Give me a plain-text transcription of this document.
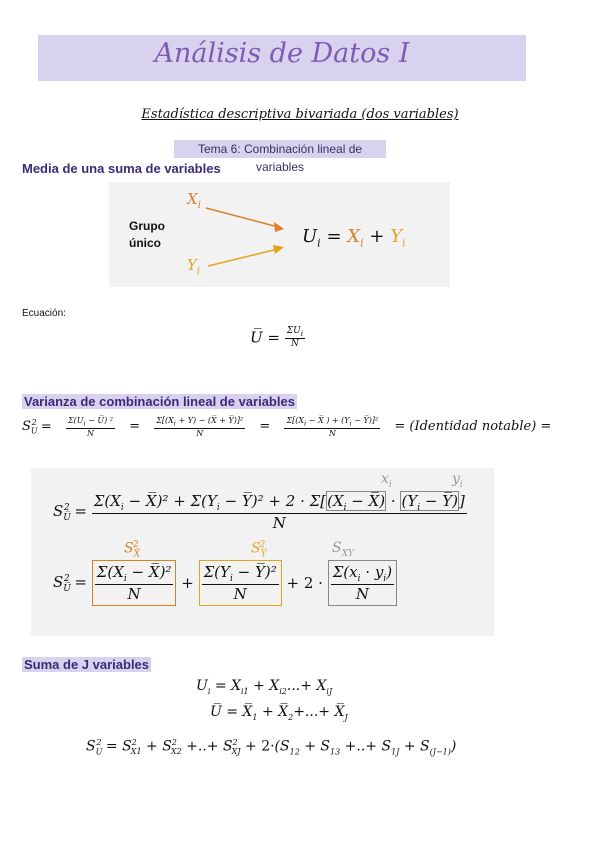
Análisis de Datos I
Estadística descriptiva bivariada (dos variables)
Tema 6: Combinación lineal de variables
Media de una suma de variables
Grupo
único
$X_i$
$Y_i$
$U_i = X_i + Y_i$
Ecuación:
U̅ = $\frac{\Sigma U_i}{N}$
Varianza de combinación lineal de variables
$S_U^2 = \frac{\Sigma(U_i - U̅) ^2}{N} = \frac{\Sigma[(X_i + Y) - (X̅ + Y̅)]^2}{N} = \frac{\Sigma[(X_i - X̅ ) + (Y_i - Y̅)]^2}{N}$ = (Identidad notable) =
$x_i$	$y_i$
$S_{U̅}^2 = \frac{\Sigma(X_i - X̅)^2 + \Sigma(Y_i - Y̅)^2 + 2 \cdot \Sigma[(X_i - X̅) \cdot (Y_i - Y̅)]}{N}$
$S_{X̅}^2$	$S_{Y̅}^2$	$S_{XY}$
$S_{U̅}^2 = \frac{\Sigma(X_i - X̅)^2}{N} + \frac{\Sigma(Y_i - Y̅)^2}{N} + 2 \cdot \frac{\Sigma(x_i \cdot y_i)}{N}$
Suma de J variables
$U_i = X_{i1} + X_{i2}...+ X_{iJ}$
U̅ = $X̅_1$ + $X̅_2+...+$ $X̅_J$
$S_U^2 = S^2_{X1} + S^2_{X2}$ +..+ $S^2_{XJ} + 2\cdot(S_{12} + S_{13}$ +..+ $S_{1J} + S_{(J-1)}$)
